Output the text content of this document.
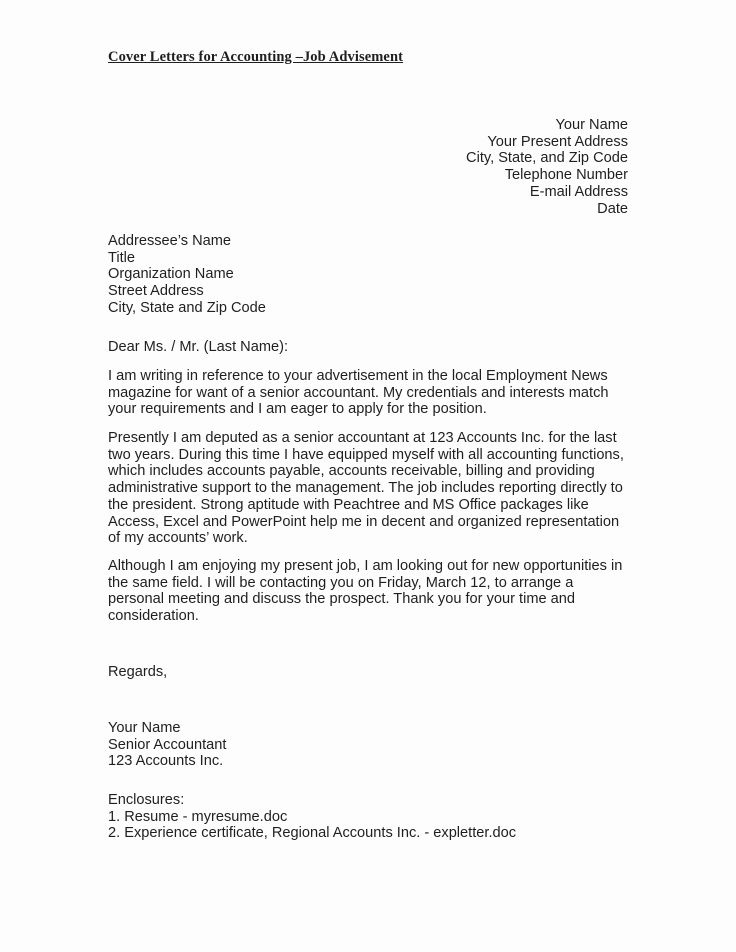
Cover Letters for Accounting –Job Advisement
Your Name
Your Present Address
City, State, and Zip Code
Telephone Number
E-mail Address
Date
Addressee’s Name
Title
Organization Name
Street Address
City, State and Zip Code
Dear Ms. / Mr. (Last Name):
I am writing in reference to your advertisement in the local Employment News
magazine for want of a senior accountant. My credentials and interests match
your requirements and I am eager to apply for the position.
Presently I am deputed as a senior accountant at 123 Accounts Inc. for the last
two years. During this time I have equipped myself with all accounting functions,
which includes accounts payable, accounts receivable, billing and providing
administrative support to the management. The job includes reporting directly to
the president. Strong aptitude with Peachtree and MS Office packages like
Access, Excel and PowerPoint help me in decent and organized representation
of my accounts’ work.
Although I am enjoying my present job, I am looking out for new opportunities in
the same field. I will be contacting you on Friday, March 12, to arrange a
personal meeting and discuss the prospect. Thank you for your time and
consideration.
Regards,
Your Name
Senior Accountant
123 Accounts Inc.
Enclosures:
1. Resume - myresume.doc
2. Experience certificate, Regional Accounts Inc. - expletter.doc
